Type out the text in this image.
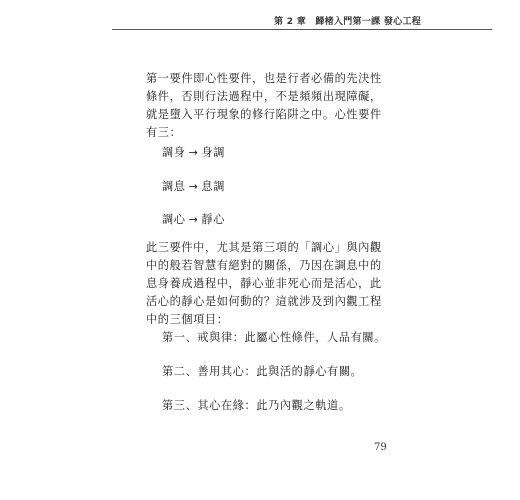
第 2 章　歸楮入門第一課 發心工程
第一要件即心性要件，也是行者必備的先決性條件，否則行法過程中，不是頻頻出現障礙，就是墮入平行現象的修行陷阱之中。心性要件有三：
調身 → 身調
調息 → 息調
調心 → 靜心
此三要件中，尤其是第三項的「調心」與內觀中的般若智慧有絕對的關係，乃因在調息中的息身養成過程中，靜心並非死心而是活心，此活心的靜心是如何動的？這就涉及到內觀工程中的三個項目：
第一、戒與律：此屬心性條件，人品有關。
第二、善用其心：此與活的靜心有關。
第三、其心在緣：此乃內觀之軌道。
79
